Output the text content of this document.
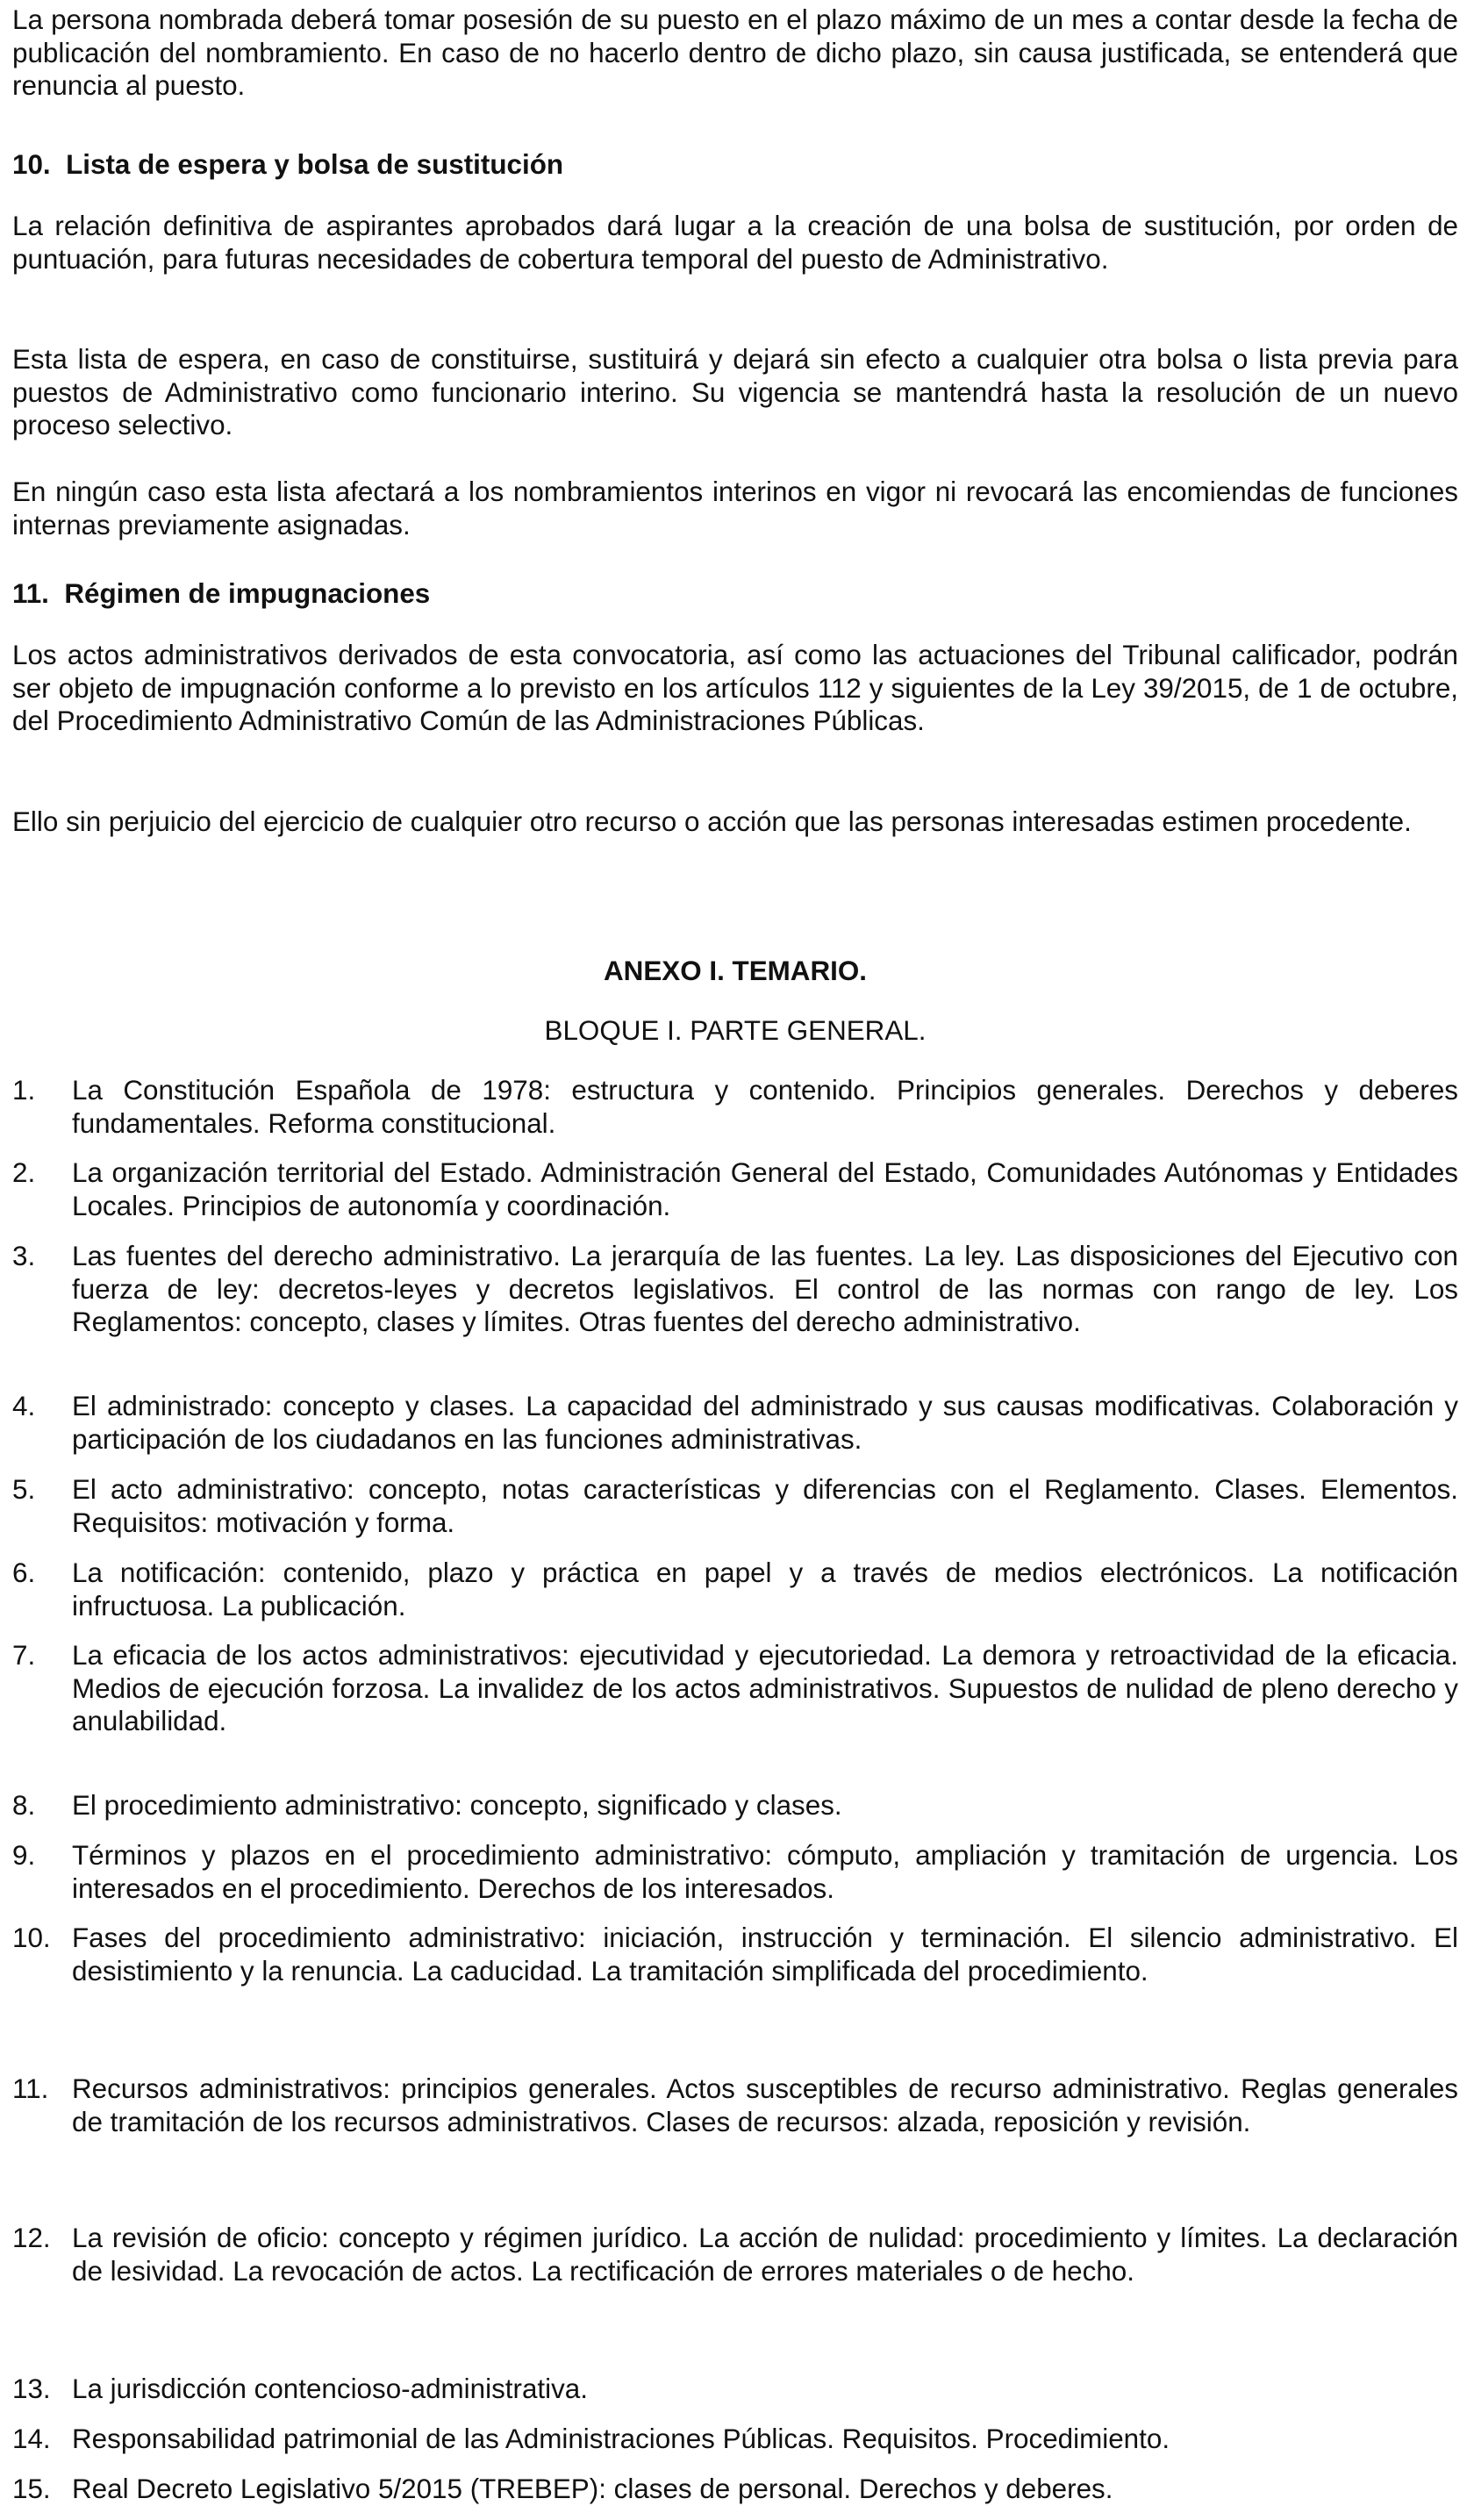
La persona nombrada deberá tomar posesión de su puesto en el plazo máximo de un mes a contar desde la fecha de publicación del nombramiento. En caso de no hacerlo dentro de dicho plazo, sin causa justificada, se entenderá que renuncia al puesto.

10. Lista de espera y bolsa de sustitución

La relación definitiva de aspirantes aprobados dará lugar a la creación de una bolsa de sustitución, por orden de puntuación, para futuras necesidades de cobertura temporal del puesto de Administrativo.

Esta lista de espera, en caso de constituirse, sustituirá y dejará sin efecto a cualquier otra bolsa o lista previa para puestos de Administrativo como funcionario interino. Su vigencia se mantendrá hasta la resolución de un nuevo proceso selectivo.

En ningún caso esta lista afectará a los nombramientos interinos en vigor ni revocará las encomiendas de funciones internas previamente asignadas.

11. Régimen de impugnaciones

Los actos administrativos derivados de esta convocatoria, así como las actuaciones del Tribunal calificador, podrán ser objeto de impugnación conforme a lo previsto en los artículos 112 y siguientes de la Ley 39/2015, de 1 de octubre, del Procedimiento Administrativo Común de las Administraciones Públicas.

Ello sin perjuicio del ejercicio de cualquier otro recurso o acción que las personas interesadas estimen procedente.

ANEXO I. TEMARIO.
BLOQUE I. PARTE GENERAL.
1. La Constitución Española de 1978: estructura y contenido. Principios generales. Derechos y deberes fundamentales. Reforma constitucional.
2. La organización territorial del Estado. Administración General del Estado, Comunidades Autónomas y Entidades Locales. Principios de autonomía y coordinación.
3. Las fuentes del derecho administrativo. La jerarquía de las fuentes. La ley. Las disposiciones del Ejecutivo con fuerza de ley: decretos-leyes y decretos legislativos. El control de las normas con rango de ley. Los Reglamentos: concepto, clases y límites. Otras fuentes del derecho administrativo.
4. El administrado: concepto y clases. La capacidad del administrado y sus causas modificativas. Colaboración y participación de los ciudadanos en las funciones administrativas.
5. El acto administrativo: concepto, notas características y diferencias con el Reglamento. Clases. Elementos. Requisitos: motivación y forma.
6. La notificación: contenido, plazo y práctica en papel y a través de medios electrónicos. La notificación infructuosa. La publicación.
7. La eficacia de los actos administrativos: ejecutividad y ejecutoriedad. La demora y retroactividad de la eficacia. Medios de ejecución forzosa. La invalidez de los actos administrativos. Supuestos de nulidad de pleno derecho y anulabilidad.
8. El procedimiento administrativo: concepto, significado y clases.
9. Términos y plazos en el procedimiento administrativo: cómputo, ampliación y tramitación de urgencia. Los interesados en el procedimiento. Derechos de los interesados.
10. Fases del procedimiento administrativo: iniciación, instrucción y terminación. El silencio administrativo. El desistimiento y la renuncia. La caducidad. La tramitación simplificada del procedimiento.
11. Recursos administrativos: principios generales. Actos susceptibles de recurso administrativo. Reglas generales de tramitación de los recursos administrativos. Clases de recursos: alzada, reposición y revisión.
12. La revisión de oficio: concepto y régimen jurídico. La acción de nulidad: procedimiento y límites. La declaración de lesividad. La revocación de actos. La rectificación de errores materiales o de hecho.
13. La jurisdicción contencioso-administrativa.
14. Responsabilidad patrimonial de las Administraciones Públicas. Requisitos. Procedimiento.
15. Real Decreto Legislativo 5/2015 (TREBEP): clases de personal. Derechos y deberes.
